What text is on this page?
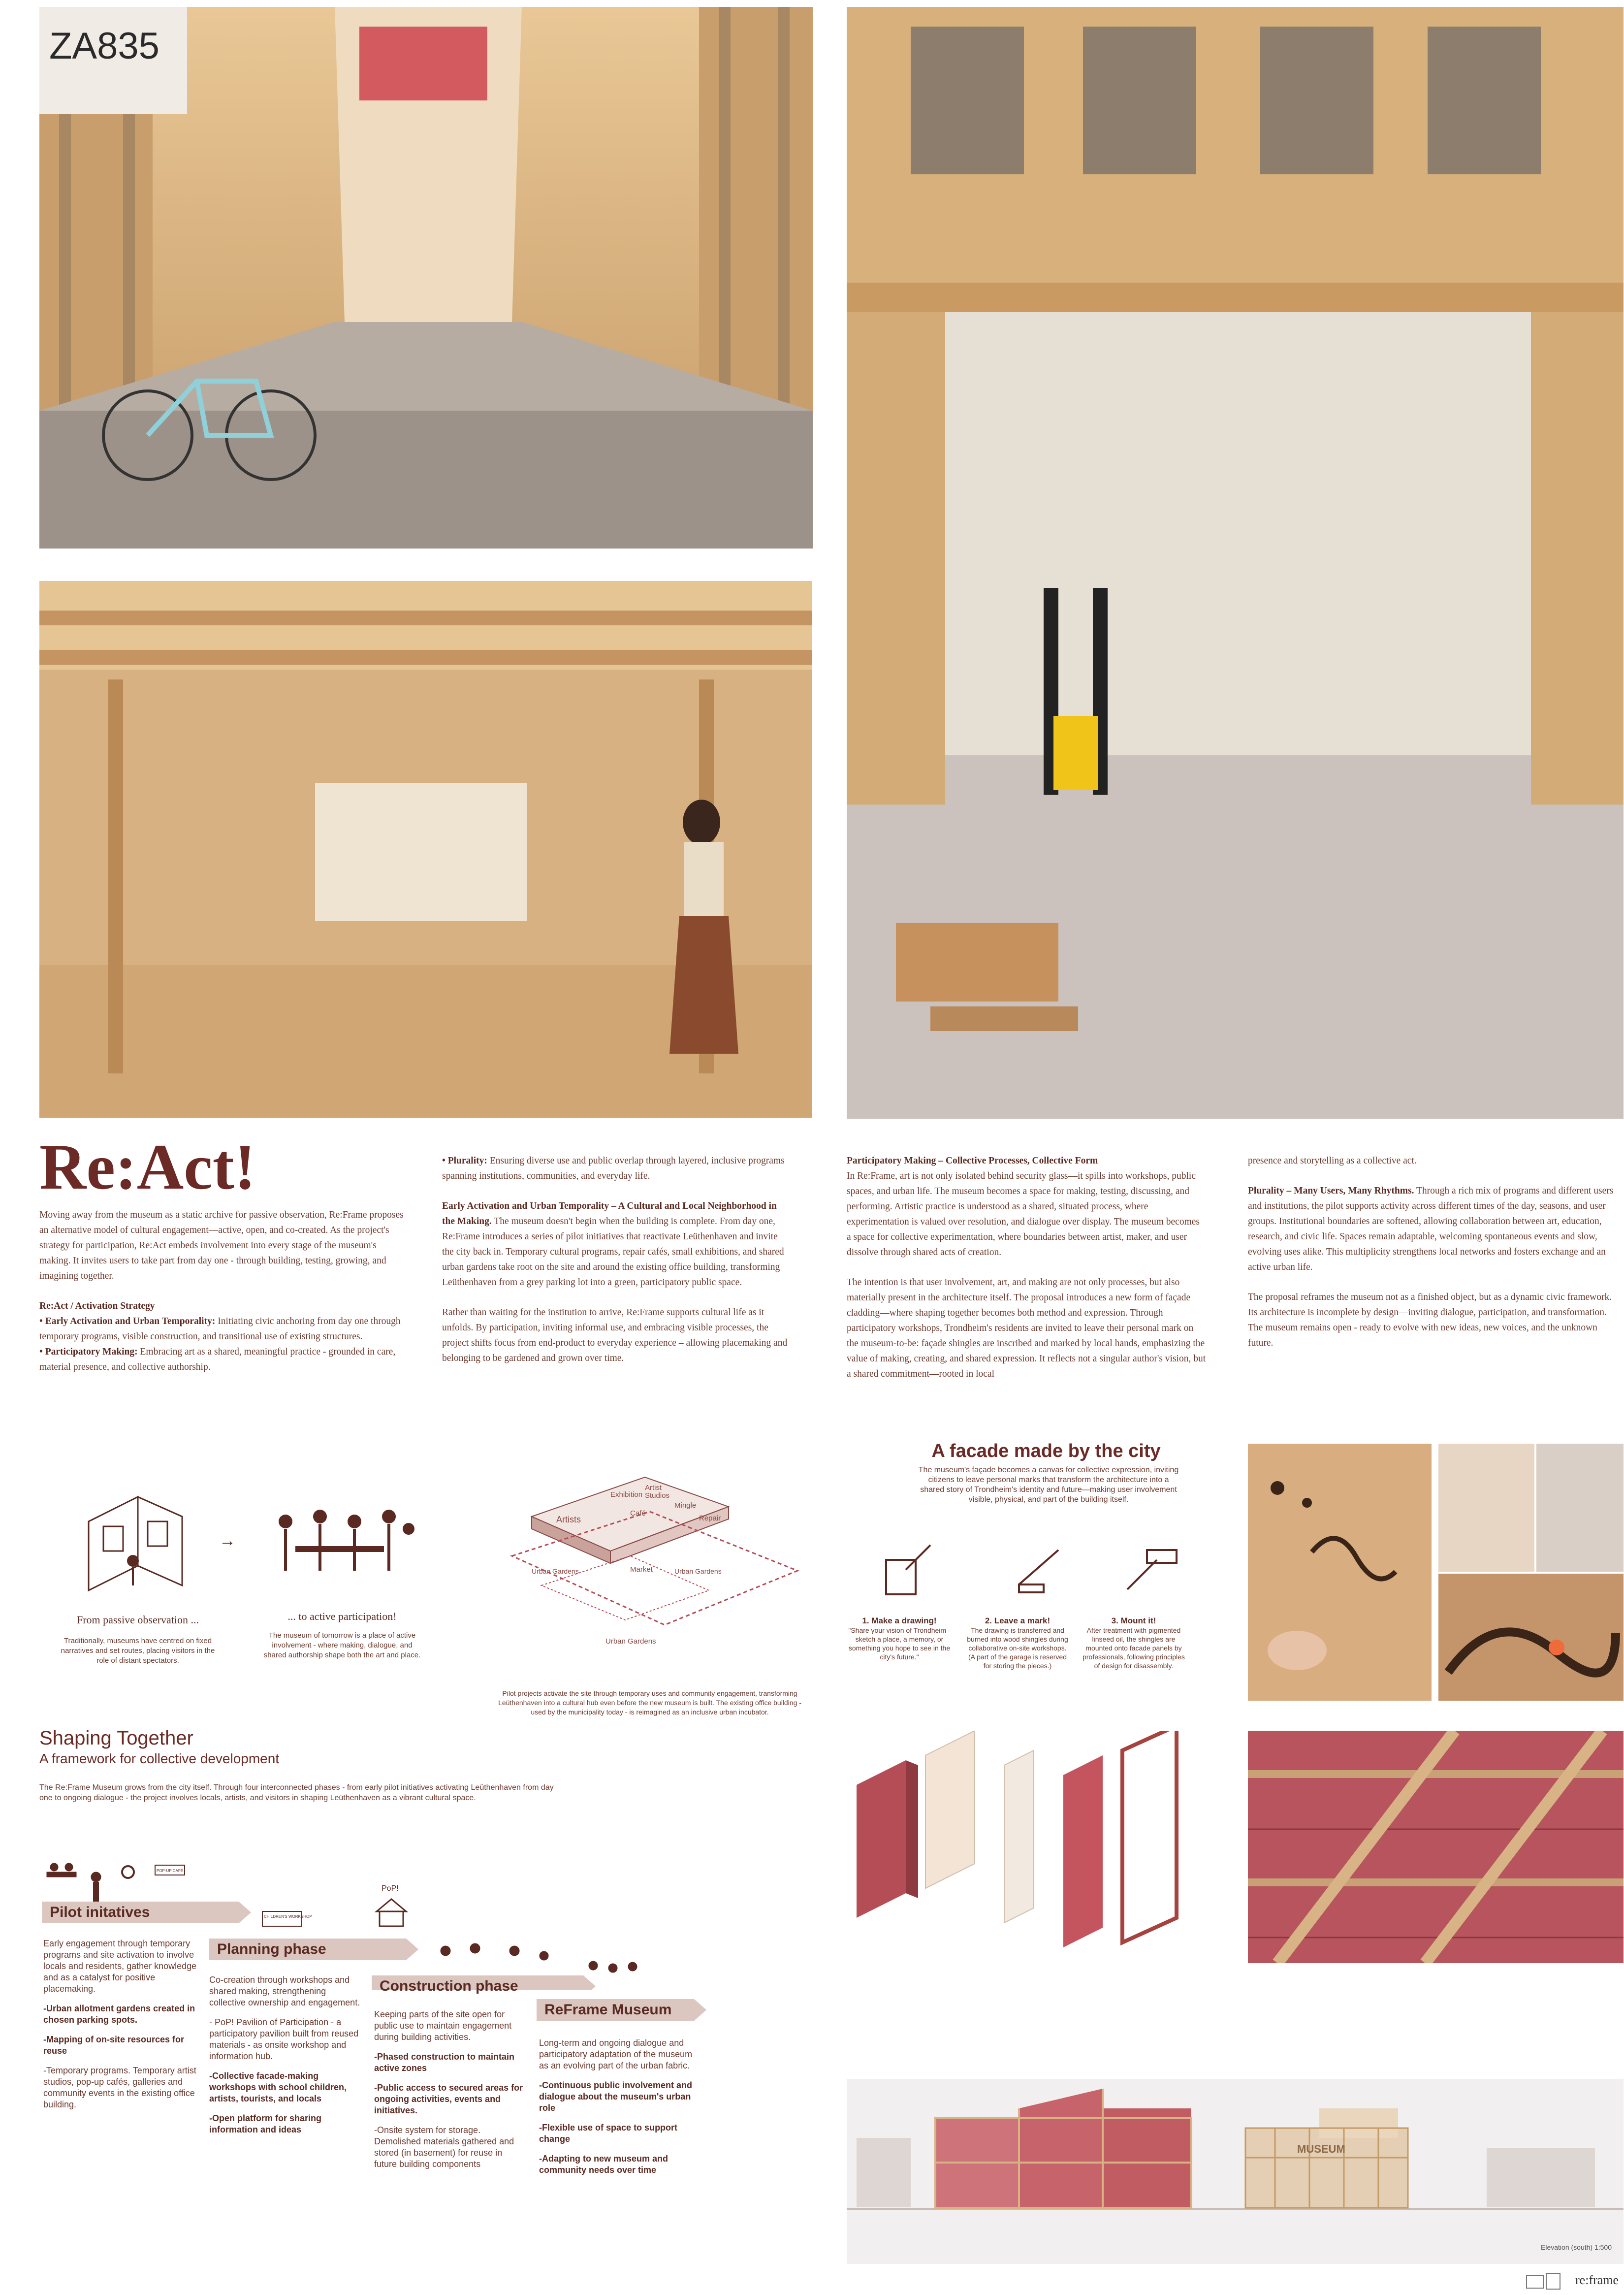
ZA835
Re:Act!
Moving away from the museum as a static archive for passive observation, Re:Frame proposes an alternative model of cultural engagement—active, open, and co-created. As the project's strategy for participation, Re:Act embeds involvement into every stage of the museum's making. It invites users to take part from day one - through building, testing, growing, and imagining together.
Re:Act / Activation Strategy
• Early Activation and Urban Temporality: Initiating civic anchoring from day one through temporary programs, visible construction, and transitional use of existing structures.
• Participatory Making: Embracing art as a shared, meaningful practice - grounded in care, material presence, and collective authorship.
• Plurality: Ensuring diverse use and public overlap through layered, inclusive programs spanning institutions, communities, and everyday life.
Early Activation and Urban Temporality – A Cultural and Local Neighborhood in the Making. The museum doesn't begin when the building is complete. From day one, Re:Frame introduces a series of pilot initiatives that reactivate Leüthenhaven and invite the city back in. Temporary cultural programs, repair cafés, small exhibitions, and shared urban gardens take root on the site and around the existing office building, transforming Leüthenhaven from a grey parking lot into a green, participatory public space.
Rather than waiting for the institution to arrive, Re:Frame supports cultural life as it unfolds. By participation, inviting informal use, and embracing visible processes, the project shifts focus from end-product to everyday experience – allowing placemaking and belonging to be gardened and grown over time.
Participatory Making – Collective Processes, Collective Form
In Re:Frame, art is not only isolated behind security glass—it spills into workshops, public spaces, and urban life. The museum becomes a space for making, testing, discussing, and performing. Artistic practice is understood as a shared, situated process, where experimentation is valued over resolution, and dialogue over display. The museum becomes a space for collective experimentation, where boundaries between artist, maker, and user dissolve through shared acts of creation.
The intention is that user involvement, art, and making are not only processes, but also materially present in the architecture itself. The proposal introduces a new form of façade cladding—where shaping together becomes both method and expression. Through participatory workshops, Trondheim's residents are invited to leave their personal mark on the museum-to-be: façade shingles are inscribed and marked by local hands, emphasizing the value of making, creating, and shared expression. It reflects not a singular author's vision, but a shared commitment—rooted in local
presence and storytelling as a collective act.
Plurality – Many Users, Many Rhythms. Through a rich mix of programs and different users and institutions, the pilot supports activity across different times of the day, seasons, and user groups. Institutional boundaries are softened, allowing collaboration between art, education, research, and civic life. Spaces remain adaptable, welcoming spontaneous events and slow, evolving uses alike. This multiplicity strengthens local networks and fosters exchange and an active urban life.
The proposal reframes the museum not as a finished object, but as a dynamic civic framework. Its architecture is incomplete by design—inviting dialogue, participation, and transformation. The museum remains open - ready to evolve with new ideas, new voices, and the unknown future.
→
From passive observation ...
Traditionally, museums have centred on fixed narratives and set routes, placing visitors in the role of distant spectators.
... to active participation!
The museum of tomorrow is a place of active involvement - where making, dialogue, and shared authorship shape both the art and place.
Artists
Exhibition
Artist
Studios
Café
Mingle
Repair
Market
Urban Gardens	Urban Gardens
Urban Gardens
Pilot projects activate the site through temporary uses and community engagement, transforming Leüthenhaven into a cultural hub even before the new museum is built. The existing office building - used by the municipality today - is reimagined as an inclusive urban incubator.
Shaping Together
A framework for collective development
The Re:Frame Museum grows from the city itself. Through four interconnected phases - from early pilot initiatives activating Leüthenhaven from day one to ongoing dialogue - the project involves locals, artists, and visitors in shaping Leüthenhaven as a vibrant cultural space.
POP-UP CAFÉ
CHILDREN'S WORKSHOP
PoP!
Pilot initatives
Planning phase
Construction phase
ReFrame Museum

Early engagement through temporary programs and site activation to involve locals and residents, gather knowledge and as a catalyst for positive placemaking.

-Urban allotment gardens created in chosen parking spots.

-Mapping of on-site resources for reuse

-Temporary programs. Temporary artist studios, pop-up cafés, galleries and community events in the existing office building.

Co-creation through workshops and shared making, strengthening collective ownership and engagement.

- PoP! Pavilion of Participation - a participatory pavilion built from reused materials - as onsite workshop and information hub.

-Collective facade-making workshops with school children, artists, tourists, and locals

-Open platform for sharing information and ideas

Keeping parts of the site open for public use to maintain engagement during building activities.

-Phased construction to maintain active zones

-Public access to secured areas for ongoing activities, events and initiatives.

-Onsite system for storage. Demolished materials gathered and stored (in basement) for reuse in future building components

Long-term and ongoing dialogue and participatory adaptation of the museum as an evolving part of the urban fabric.

-Continuous public involvement and dialogue about the museum's urban role

-Flexible use of space to support change

-Adapting to new museum and community needs over time

A facade made by the city
The museum's façade becomes a canvas for collective expression, inviting citizens to leave personal marks that transform the architecture into a shared story of Trondheim's identity and future—making user involvement visible, physical, and part of the building itself.
1. Make a drawing!
"Share your vision of Trondheim - sketch a place, a memory, or something you hope to see in the city's future."
2. Leave a mark!
The drawing is transferred and burned into wood shingles during collaborative on-site workshops. (A part of the garage is reserved for storing the pieces.)
3. Mount it!
After treatment with pigmented linseed oil, the shingles are mounted onto facade panels by professionals, following principles of design for disassembly.
MUSEUM
Elevation (south) 1:500
re:frame
